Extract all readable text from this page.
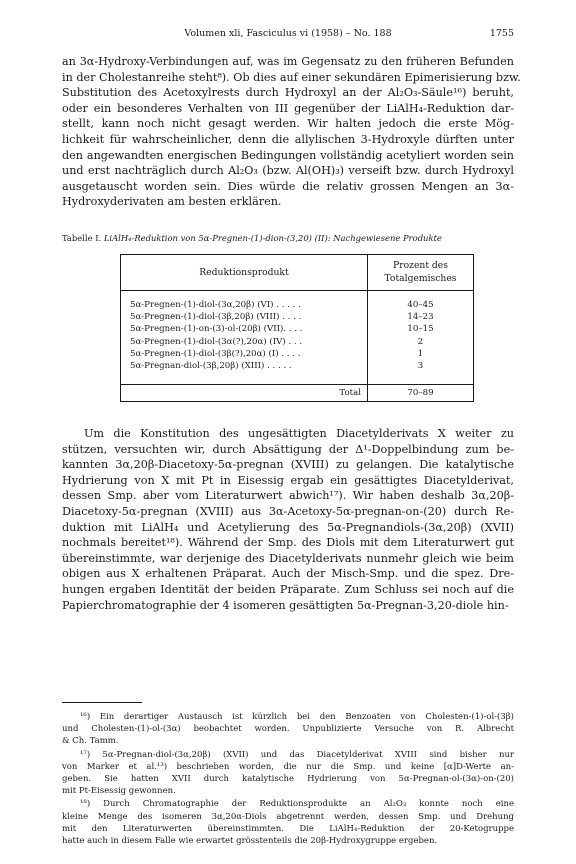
Volumen xli, Fasciculus vi (1958) – No. 188	1755
an 3α-Hydroxy-Verbindungen auf, was im Gegensatz zu den früheren Befunden
in der Cholestanreihe steht⁸). Ob dies auf einer sekundären Epimerisierung bzw.
Substitution des Acetoxylrests durch Hydroxyl an der Al₂O₃-Säule¹⁶) beruht,
oder ein besonderes Verhalten von III gegenüber der LiAlH₄-Reduktion dar-
stellt, kann noch nicht gesagt werden. Wir halten jedoch die erste Mög-
lichkeit für wahrscheinlicher, denn die allylischen 3-Hydroxyle dürften unter
den angewandten energischen Bedingungen vollständig acetyliert worden sein
und erst nachträglich durch Al₂O₃ (bzw. Al(OH)₃) verseift bzw. durch Hydroxyl
ausgetauscht worden sein. Dies würde die relativ grossen Mengen an 3α-
Hydroxyderivaten am besten erklären.
Tabelle I. LiAlH₄-Reduktion von 5α-Pregnen-(1)-dion-(3,20) (II): Nachgewiesene Produkte
Reduktionsprodukt
Prozent des
Totalgemisches
5α-Pregnen-(1)-diol-(3α,20β) (VI) . . . . .	40–45
5α-Pregnen-(1)-diol-(3β,20β) (VIII) . . . .	14–23
5α-Pregnen-(1)-on-(3)-ol-(20β) (VII). . . .	10–15
5α-Pregnen-(1)-diol-(3α(?),20α) (IV) . . .	2
5α-Pregnen-(1)-diol-(3β(?),20α) (I) . . . .	1
5α-Pregnan-diol-(3β,20β) (XIII) . . . . .	3
Total	70–89
Um die Konstitution des ungesättigten Diacetylderivats X weiter zu
stützen, versuchten wir, durch Absättigung der Δ¹-Doppelbindung zum be-
kannten 3α,20β-Diacetoxy-5α-pregnan (XVIII) zu gelangen. Die katalytische
Hydrierung von X mit Pt in Eisessig ergab ein gesättigtes Diacetylderivat,
dessen Smp. aber vom Literaturwert abwich¹⁷). Wir haben deshalb 3α,20β-
Diacetoxy-5α-pregnan (XVIII) aus 3α-Acetoxy-5α-pregnan-on-(20) durch Re-
duktion mit LiAlH₄ und Acetylierung des 5α-Pregnandiols-(3α,20β) (XVII)
nochmals bereitet¹⁸). Während der Smp. des Diols mit dem Literaturwert gut
übereinstimmte, war derjenige des Diacetylderivats nunmehr gleich wie beim
obigen aus X erhaltenen Präparat. Auch der Misch-Smp. und die spez. Dre-
hungen ergaben Identität der beiden Präparate. Zum Schluss sei noch auf die
Papierchromatographie der 4 isomeren gesättigten 5α-Pregnan-3,20-diole hin-
¹⁶) Ein derartiger Austausch ist kürzlich bei den Benzoaten von Cholesten-(1)-ol-(3β)
und Cholesten-(1)-ol-(3α) beobachtet worden. Unpublizierte Versuche von R. Albrecht
& Ch. Tamm.
¹⁷) 5α-Pregnan-diol-(3α,20β) (XVII) und das Diacetylderivat XVIII sind bisher nur
von Marker et al.¹³) beschrieben worden, die nur die Smp. und keine [α]D-Werte an-
geben. Sie hatten XVII durch katalytische Hydrierung von 5α-Pregnan-ol-(3α)-on-(20)
mit Pt-Eisessig gewonnen.
¹⁸) Durch Chromatographie der Reduktionsprodukte an Al₂O₃ konnte noch eine
kleine Menge des isomeren 3α,20α-Diols abgetrennt werden, dessen Smp. und Drehung
mit den Literaturwerten übereinstimmten. Die LiAlH₄-Reduktion der 20-Ketogruppe
hatte auch in diesem Falle wie erwartet grösstenteils die 20β-Hydroxygruppe ergeben.
